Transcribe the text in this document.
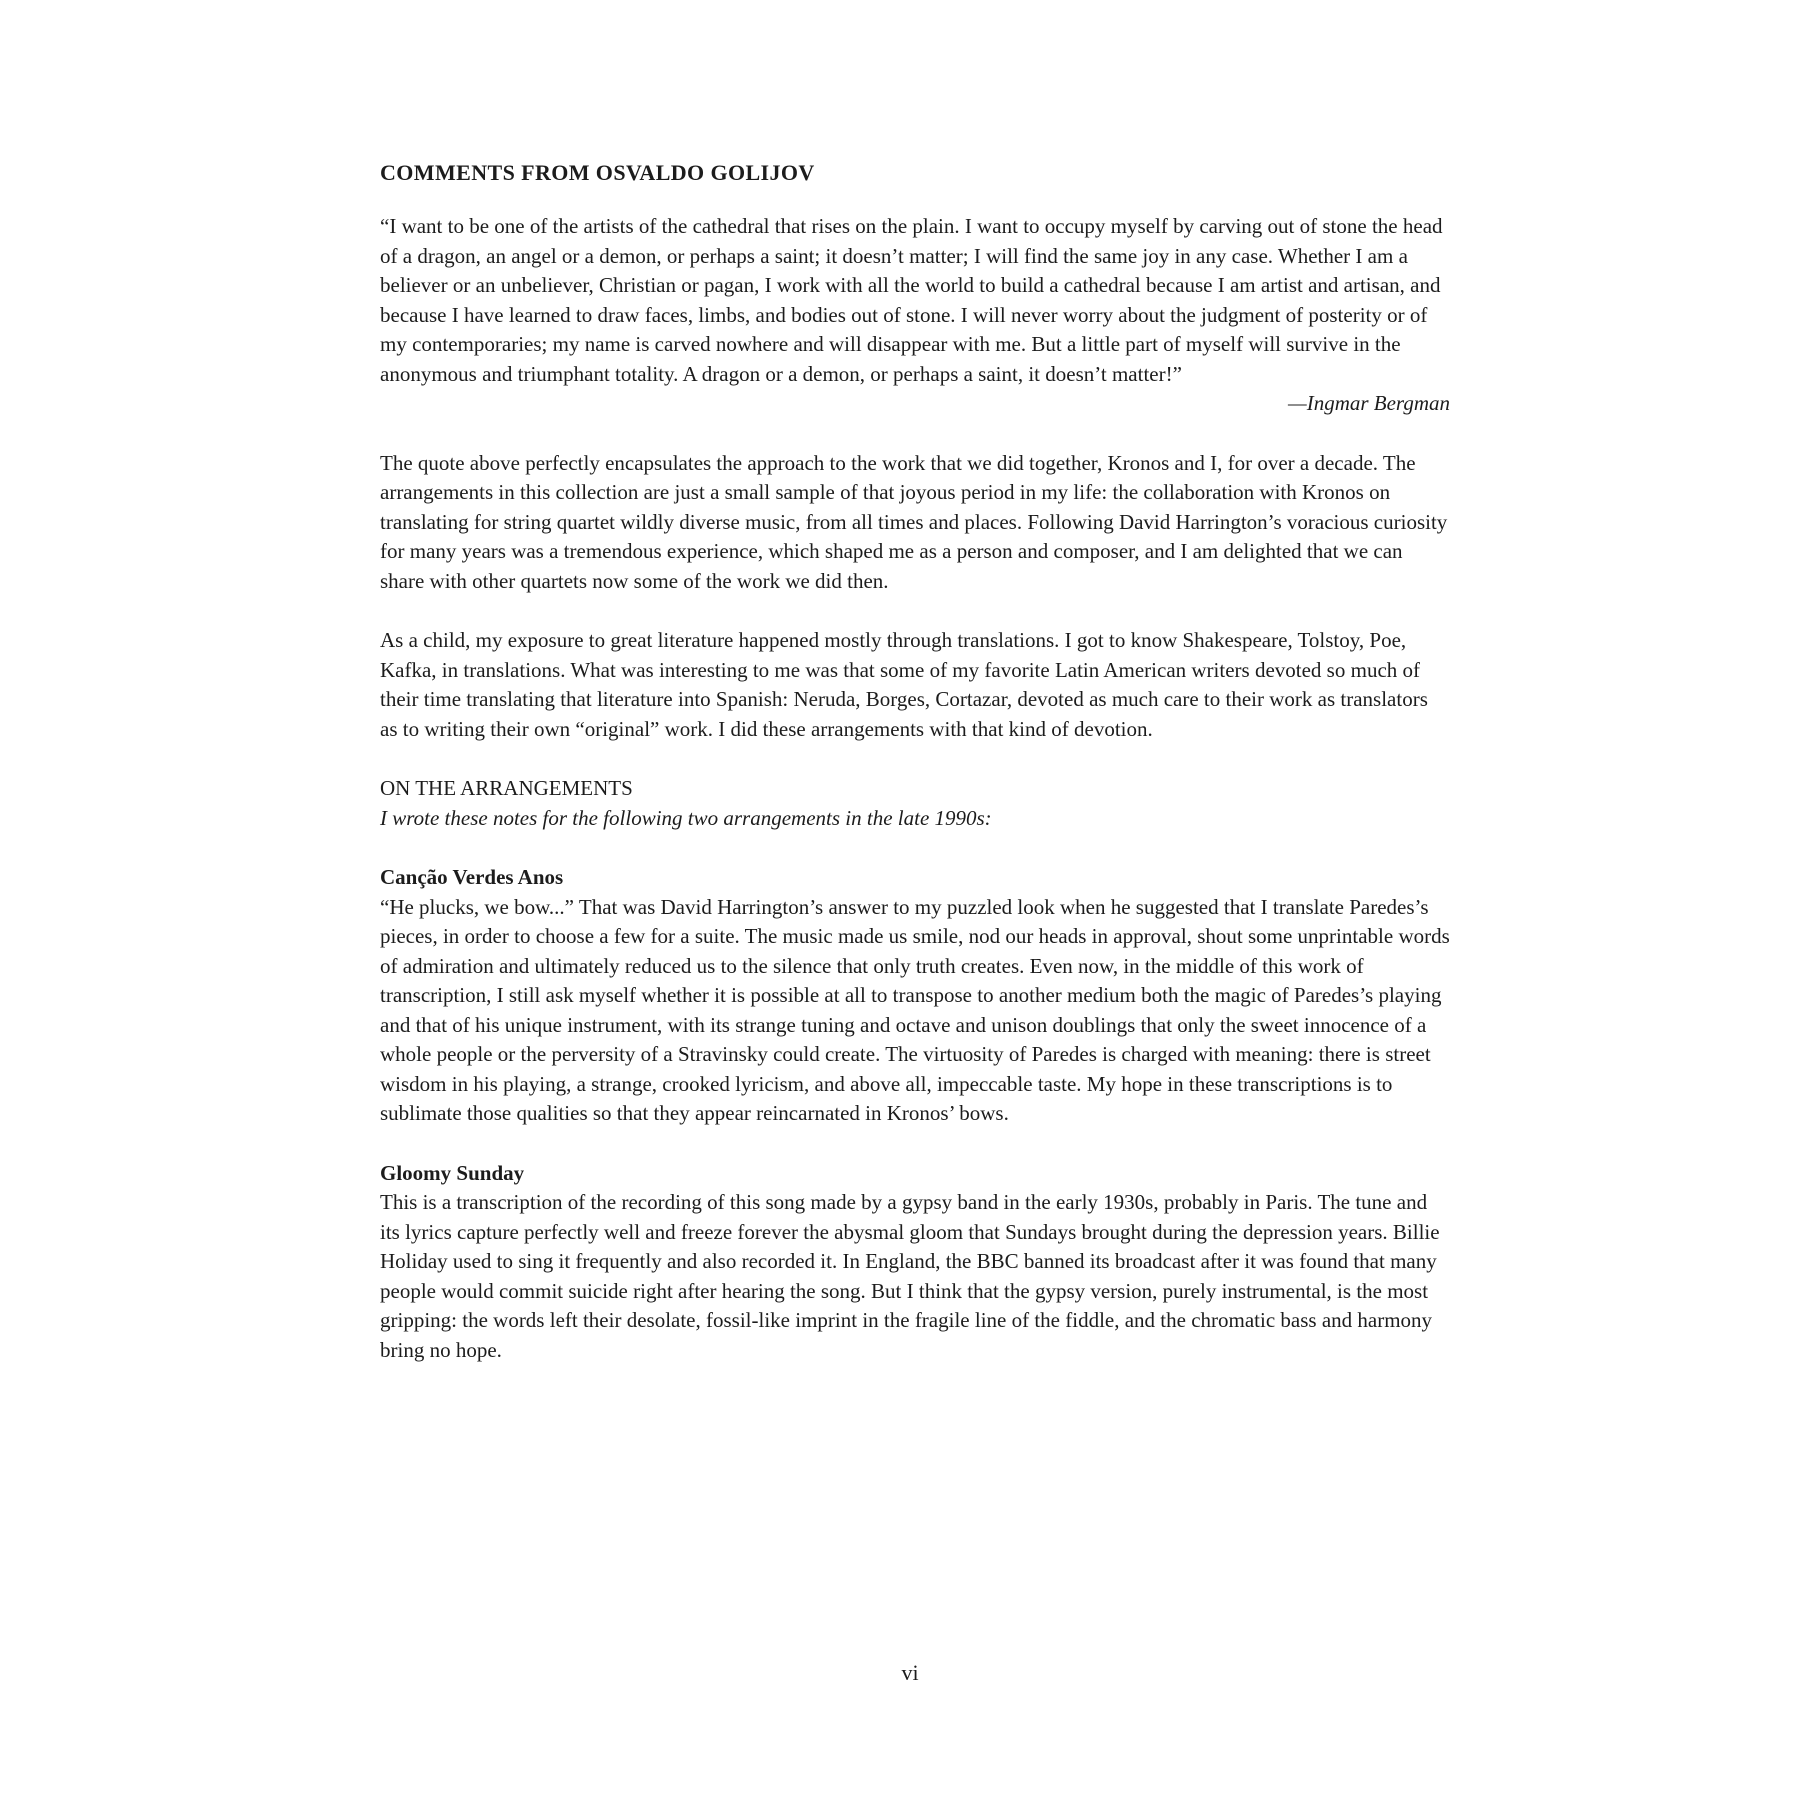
COMMENTS FROM OSVALDO GOLIJOV

“I want to be one of the artists of the cathedral that rises on the plain. I want to occupy myself by carving out of stone the head of a dragon, an angel or a demon, or perhaps a saint; it doesn’t matter; I will find the same joy in any case. Whether I am a believer or an unbeliever, Christian or pagan, I work with all the world to build a cathedral because I am artist and artisan, and because I have learned to draw faces, limbs, and bodies out of stone. I will never worry about the judgment of posterity or of my contemporaries; my name is carved nowhere and will disappear with me. But a little part of myself will survive in the anonymous and triumphant totality. A dragon or a demon, or perhaps a saint, it doesn’t matter!”

—Ingmar Bergman

The quote above perfectly encapsulates the approach to the work that we did together, Kronos and I, for over a decade. The arrangements in this collection are just a small sample of that joyous period in my life: the collaboration with Kronos on translating for string quartet wildly diverse music, from all times and places. Following David Harrington’s voracious curiosity for many years was a tremendous experience, which shaped me as a person and composer, and I am delighted that we can share with other quartets now some of the work we did then.

As a child, my exposure to great literature happened mostly through translations. I got to know Shakespeare, Tolstoy, Poe, Kafka, in translations. What was interesting to me was that some of my favorite Latin American writers devoted so much of their time translating that literature into Spanish: Neruda, Borges, Cortazar, devoted as much care to their work as translators as to writing their own “original” work. I did these arrangements with that kind of devotion.

ON THE ARRANGEMENTS
I wrote these notes for the following two arrangements in the late 1990s:
Canção Verdes Anos

“He plucks, we bow...” That was David Harrington’s answer to my puzzled look when he suggested that I translate Paredes’s pieces, in order to choose a few for a suite. The music made us smile, nod our heads in approval, shout some unprintable words of admiration and ultimately reduced us to the silence that only truth creates. Even now, in the middle of this work of transcription, I still ask myself whether it is possible at all to transpose to another medium both the magic of Paredes’s playing and that of his unique instrument, with its strange tuning and octave and unison doublings that only the sweet innocence of a whole people or the perversity of a Stravinsky could create. The virtuosity of Paredes is charged with meaning: there is street wisdom in his playing, a strange, crooked lyricism, and above all, impeccable taste. My hope in these transcriptions is to sublimate those qualities so that they appear reincarnated in Kronos’ bows.

Gloomy Sunday

This is a transcription of the recording of this song made by a gypsy band in the early 1930s, probably in Paris. The tune and its lyrics capture perfectly well and freeze forever the abysmal gloom that Sundays brought during the depression years. Billie Holiday used to sing it frequently and also recorded it. In England, the BBC banned its broadcast after it was found that many people would commit suicide right after hearing the song. But I think that the gypsy version, purely instrumental, is the most gripping: the words left their desolate, fossil-like imprint in the fragile line of the fiddle, and the chromatic bass and harmony bring no hope.

vi
